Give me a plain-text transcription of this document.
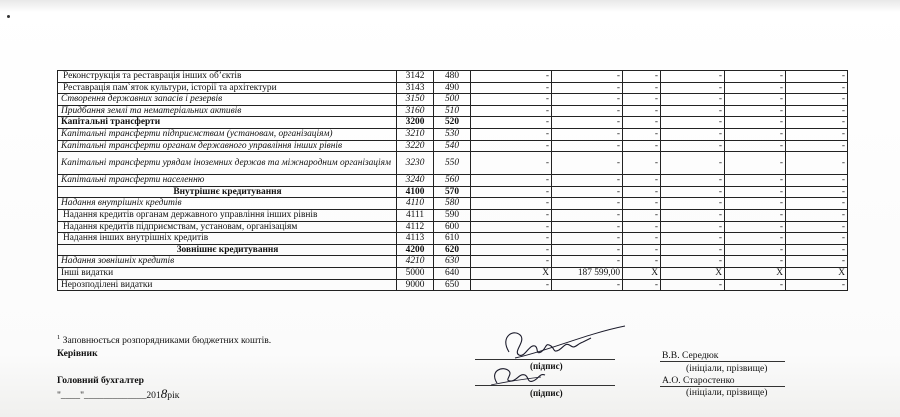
Реконструкція та реставрація інших об’єктів	3142	480	-	-	-	-	-	-
Реставрація пам`яток культури, історії та архітектури	3143	490	-	-	-	-	-	-
Створення державних запасів і резервів	3150	500	-	-	-	-	-	-
Придбання землі та нематеріальних активів	3160	510	-	-	-	-	-	-
Капітальні трансферти	3200	520	-	-	-	-	-	-
Капітальні трансферти підприємствам (установам, організаціям)	3210	530	-	-	-	-	-	-
Капітальні трансферти органам державного управління інших рівнів	3220	540	-	-	-	-	-	-
Капітальні трансферти урядам іноземних держав та міжнародним організаціям	3230	550	-	-	-	-	-	-
Капітальні трансферти населенню	3240	560	-	-	-	-	-	-
Внутрішнє кредитування	4100	570	-	-	-	-	-	-
Надання внутрішніх кредитів	4110	580	-	-	-	-	-	-
Надання кредитів органам державного управління інших рівнів	4111	590	-	-	-	-	-	-
Надання кредитів підприємствам, установам, організаціям	4112	600	-	-	-	-	-	-
Надання інших внутрішніх кредитів	4113	610	-	-	-	-	-	-
Зовнішнє кредитування	4200	620	-	-	-	-	-	-
Надання зовнішніх кредитів	4210	630	-	-	-	-	-	-
Інші видатки	5000	640	X	187 599,00	X	X	X	X
Нерозподілені видатки	9000	650	-	-	-	-	-	-
$^1$ Заповнюється розпорядниками бюджетних коштів.
Керівник
Головний бухгалтер
"____"_____________2018рік
(підпис)
(підпис)
В.В. Середюк
(ініціали, прізвище)
А.О. Старостенко
(ініціали, прізвище)
